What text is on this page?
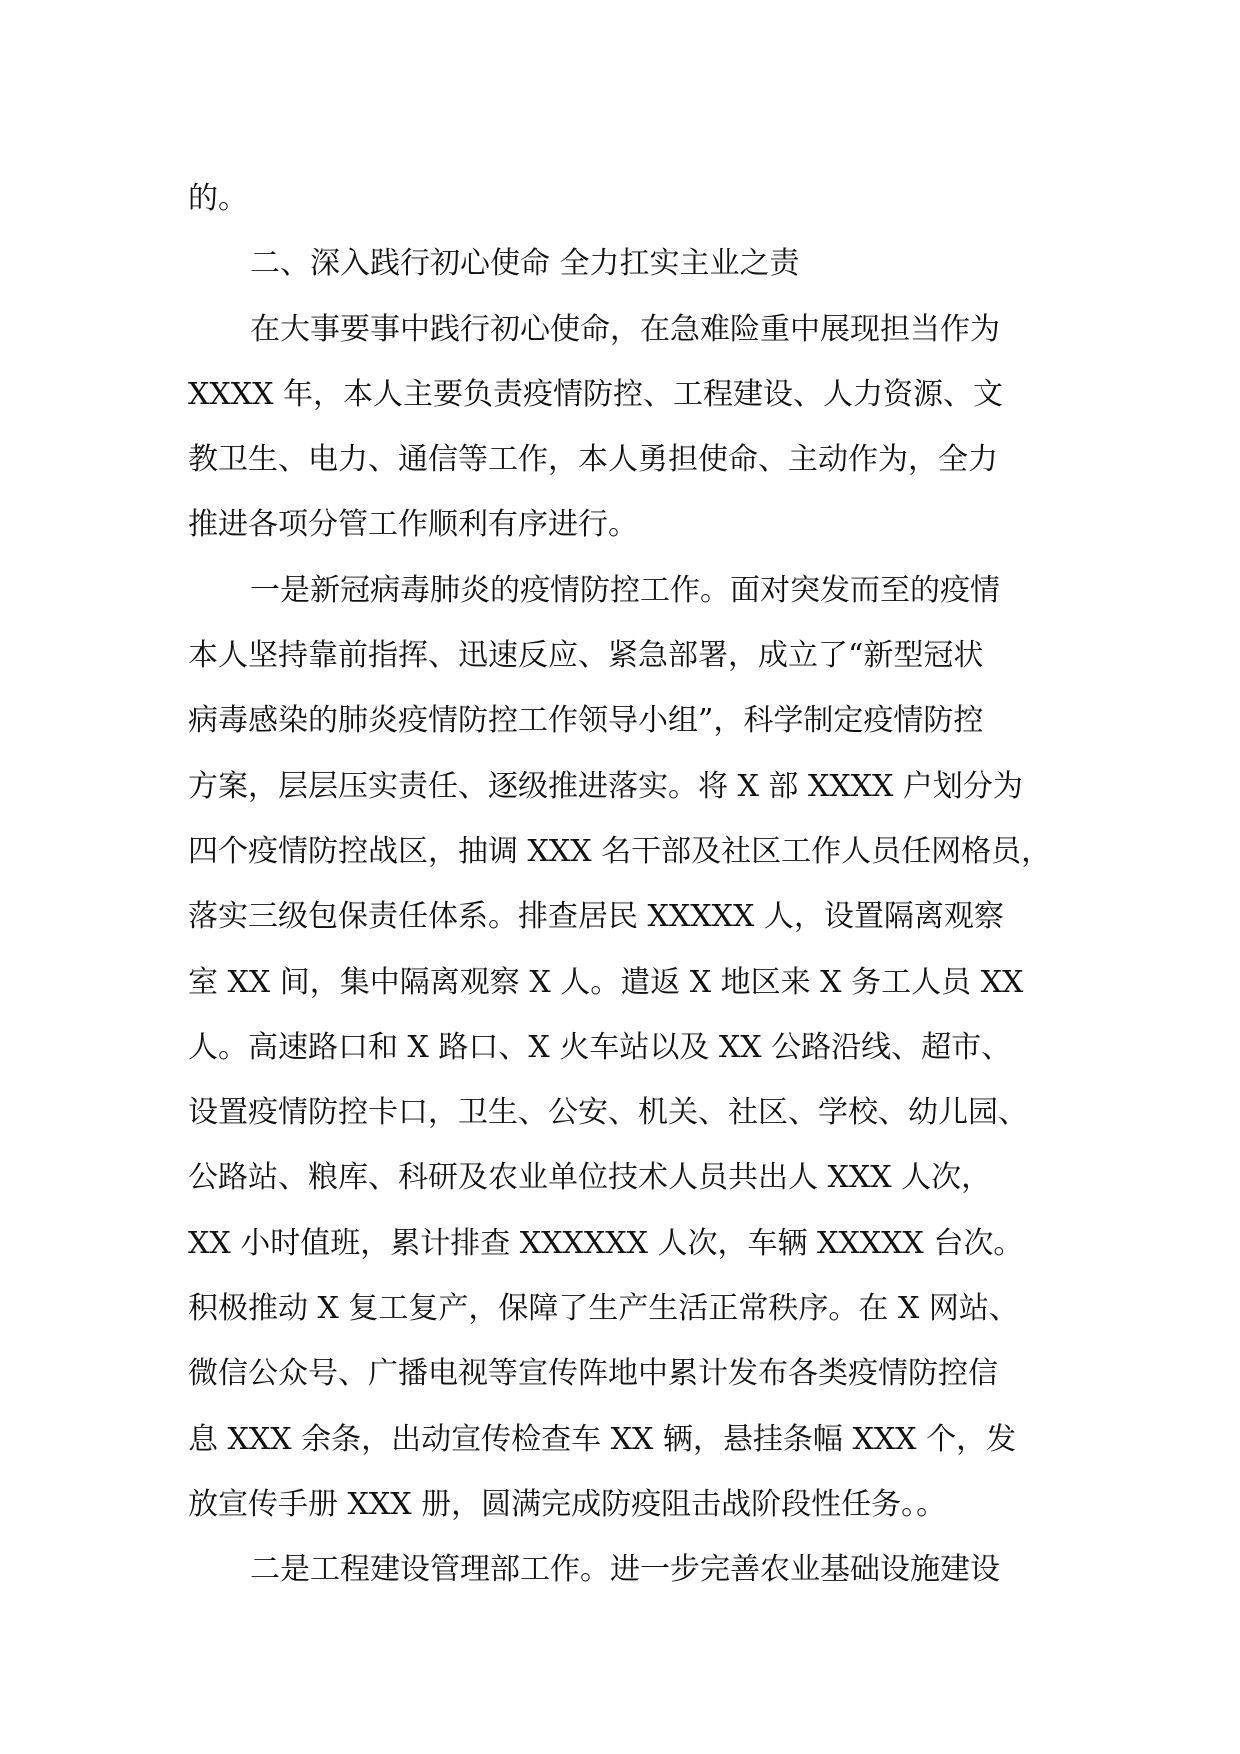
的。
二、深入践行初心使命 全力扛实主业之责
在大事要事中践行初心使命，在急难险重中展现担当作为
XXXX 年，本人主要负责疫情防控、工程建设、人力资源、文
教卫生、电力、通信等工作，本人勇担使命、主动作为，全力
推进各项分管工作顺利有序进行。
一是新冠病毒肺炎的疫情防控工作。面对突发而至的疫情
本人坚持靠前指挥、迅速反应、紧急部署，成立了“新型冠状
病毒感染的肺炎疫情防控工作领导小组”，科学制定疫情防控
方案，层层压实责任、逐级推进落实。将 X 部 XXXX 户划分为
四个疫情防控战区，抽调 XXX 名干部及社区工作人员任网格员，
落实三级包保责任体系。排查居民 XXXXX 人，设置隔离观察
室 XX 间，集中隔离观察 X 人。遣返 X 地区来 X 务工人员 XX
人。高速路口和 X 路口、X 火车站以及 XX 公路沿线、超市、
设置疫情防控卡口，卫生、公安、机关、社区、学校、幼儿园、
公路站、粮库、科研及农业单位技术人员共出人 XXX 人次，
XX 小时值班，累计排查 XXXXXX 人次，车辆 XXXXX 台次。
积极推动 X 复工复产，保障了生产生活正常秩序。在 X 网站、
微信公众号、广播电视等宣传阵地中累计发布各类疫情防控信
息 XXX 余条，出动宣传检查车 XX 辆，悬挂条幅 XXX 个，发
放宣传手册 XXX 册，圆满完成防疫阻击战阶段性任务。。
二是工程建设管理部工作。进一步完善农业基础设施建设
